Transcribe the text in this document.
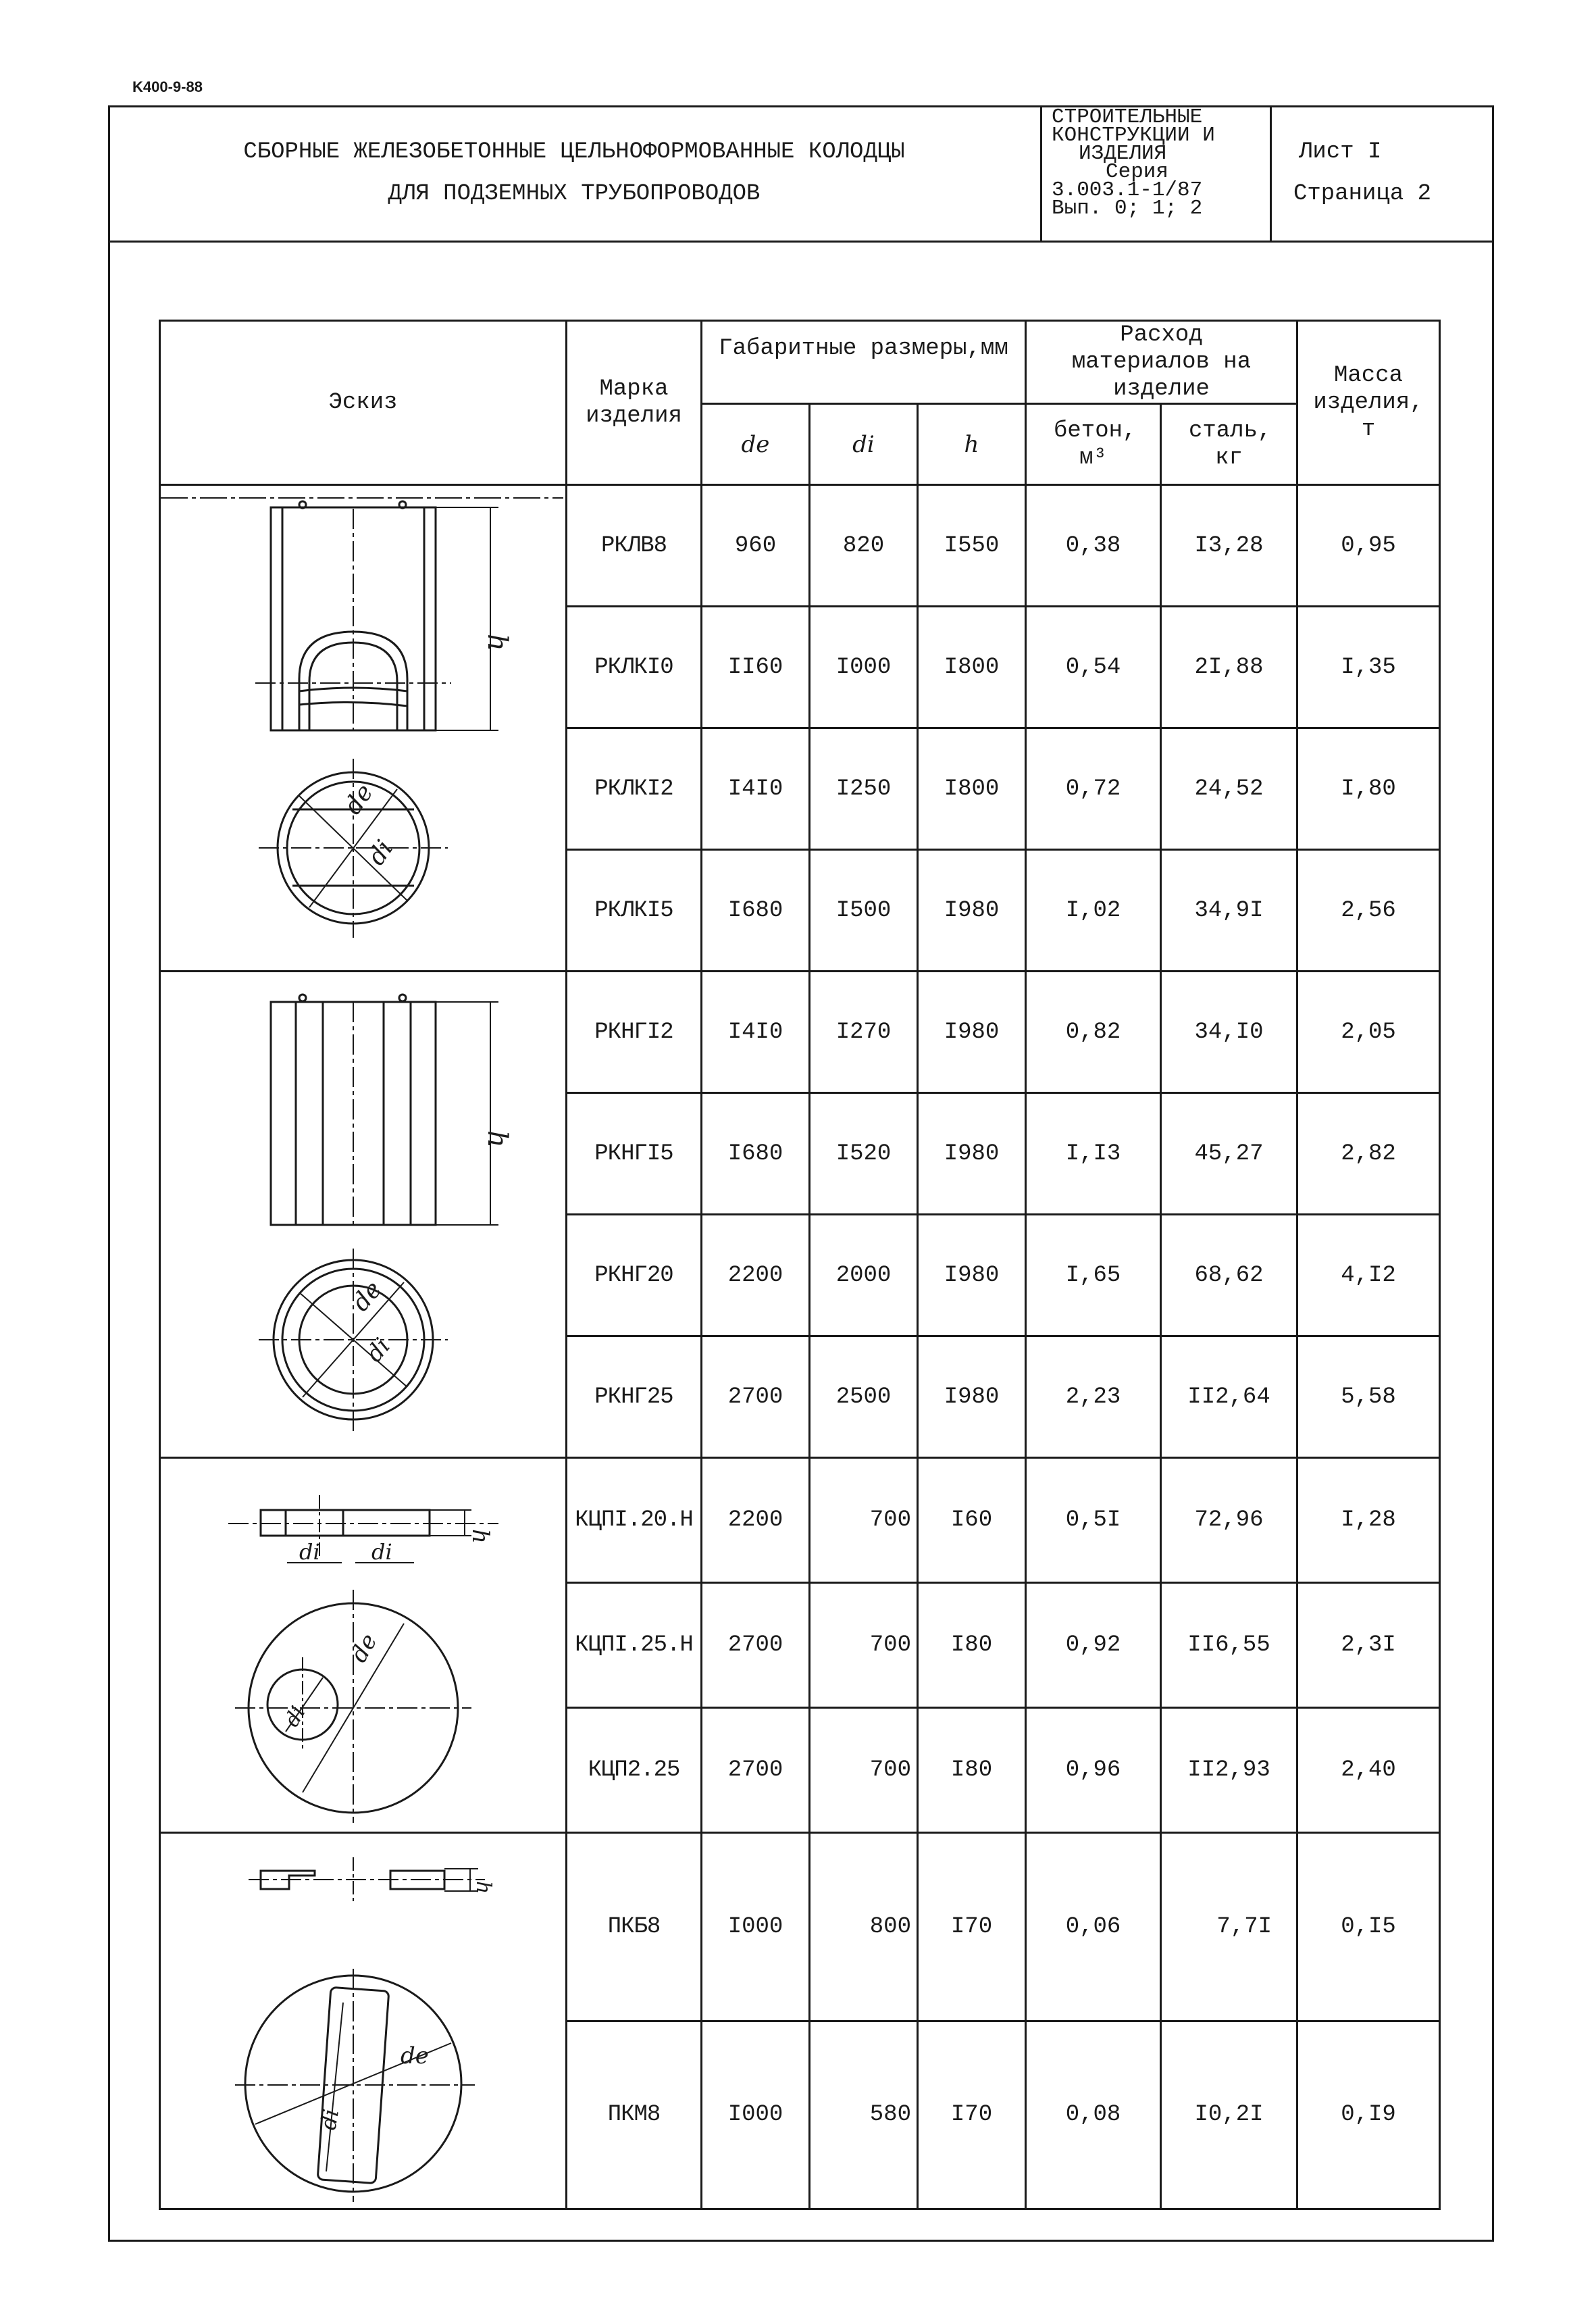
K400-9-88
СБОРНЫЕ ЖЕЛЕЗОБЕТОННЫЕ ЦЕЛЬНОФОРМОВАННЫЕ КОЛОДЦЫ
ДЛЯ ПОДЗЕМНЫХ ТРУБОПРОВОДОВ
СТРОИТЕЛЬНЫЕ
КОНСТРУКЦИИ И
ИЗДЕЛИЯ
Серия
3.003.1-1/87
Вып. 0; 1; 2
Лист I
Страница 2
Эскиз	Марка изделия	Габаритные размеры,мм			Расход материалов на изделие		Масса изделия, т
		de	di	h	бетон, м³	сталь, кг	

h
de
di	РКЛВ8	960	820	I550	0,38	I3,28	0,95
	РКЛКI0	II60	I000	I800	0,54	2I,88	I,35
	РКЛКI2	I4I0	I250	I800	0,72	24,52	I,80
	РКЛКI5	I680	I500	I980	I,02	34,9I	2,56

h
de
di	РКНГI2	I4I0	I270	I980	0,82	34,I0	2,05
	РКНГI5	I680	I520	I980	I,I3	45,27	2,82
	РКНГ20	2200	2000	I980	I,65	68,62	4,I2
	РКНГ25	2700	2500	I980	2,23	II2,64	5,58

di di
h
de
di	КЦПI.20.Н	2200	700	I60	0,5I	72,96	I,28
	КЦПI.25.Н	2700	700	I80	0,92	II6,55	2,3I
	КЦП2.25	2700	700	I80	0,96	II2,93	2,40

h
de
di	ПКБ8	I000	800	I70	0,06	7,7I	0,I5
	ПКМ8	I000	580	I70	0,08	I0,2I	0,I9
